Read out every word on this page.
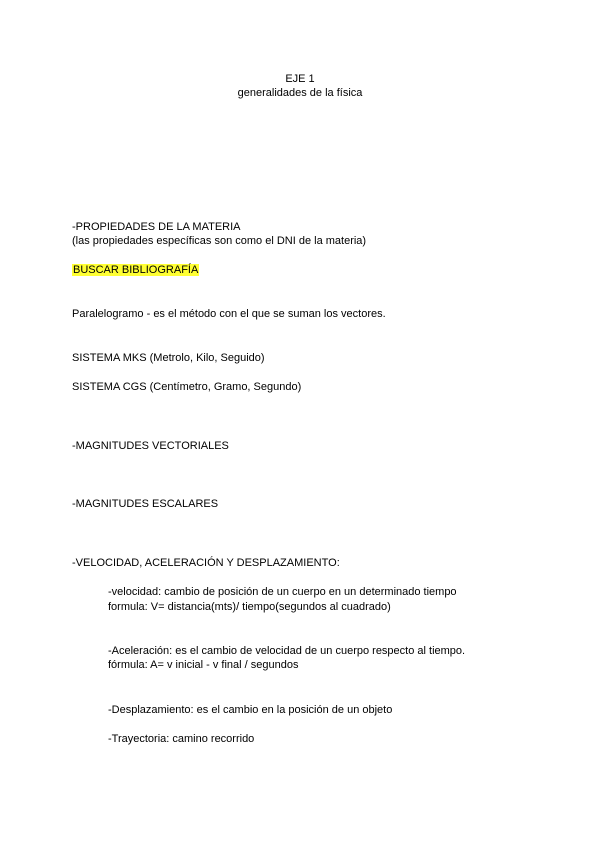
EJE 1
generalidades de la física
-PROPIEDADES DE LA MATERIA
(las propiedades específicas son como el DNI de la materia)
BUSCAR BIBLIOGRAFÍA
Paralelogramo - es el método con el que se suman los vectores.
SISTEMA MKS (Metrolo, Kilo, Seguido)
SISTEMA CGS (Centímetro, Gramo, Segundo)
-MAGNITUDES VECTORIALES
-MAGNITUDES ESCALARES
-VELOCIDAD, ACELERACIÓN Y DESPLAZAMIENTO:
-velocidad: cambio de posición de un cuerpo en un determinado tiempo
formula: V= distancia(mts)/ tiempo(segundos al cuadrado)
-Aceleración: es el cambio de velocidad de un cuerpo respecto al tiempo.
fórmula: A= v inicial - v final / segundos
-Desplazamiento: es el cambio en la posición de un objeto
-Trayectoria: camino recorrido
